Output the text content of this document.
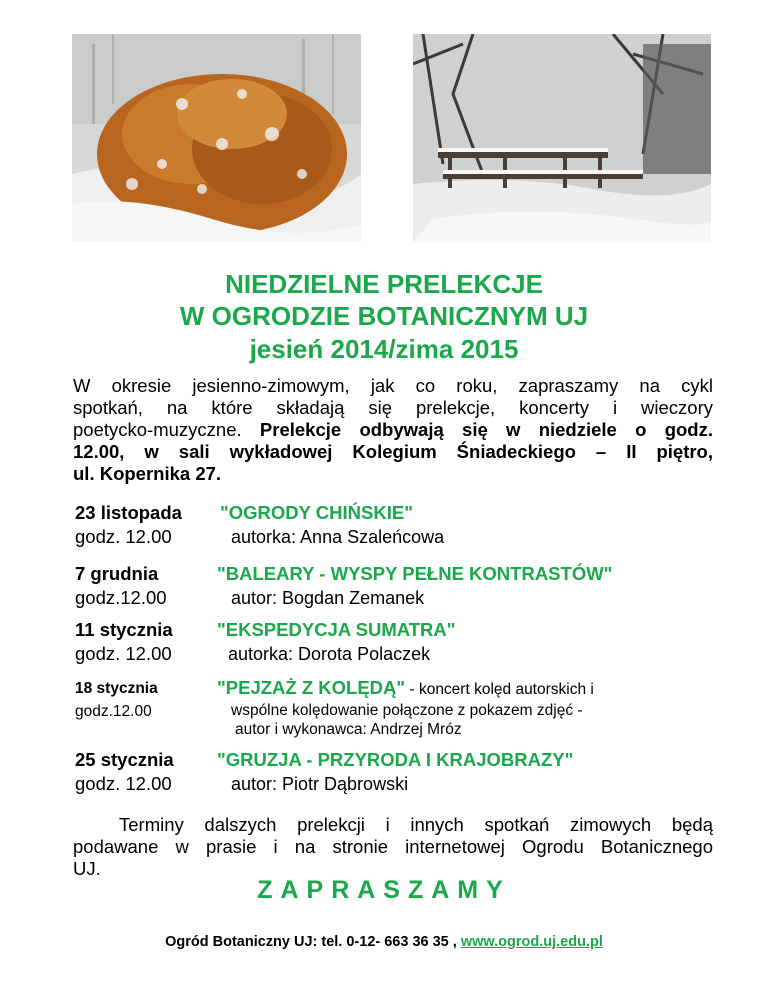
NIEDZIELNE PRELEKCJE
W OGRODZIE BOTANICZNYM UJ
jesień 2014/zima 2015
W okresie jesienno-zimowym, jak co roku, zapraszamy na cykl
spotkań, na które składają się prelekcje, koncerty i wieczory
poetycko-muzyczne. Prelekcje odbywają się w niedziele o godz.
12.00, w sali wykładowej Kolegium Śniadeckiego – II piętro,
ul. Kopernika 27.
23 listopada
godz. 12.00
"OGRODY CHIŃSKIE"
autorka: Anna Szaleńcowa
7 grudnia
godz.12.00
"BALEARY - WYSPY PEŁNE KONTRASTÓW"
autor: Bogdan Zemanek
11 stycznia
godz. 12.00
"EKSPEDYCJA SUMATRA"
autorka: Dorota Polaczek
18 stycznia
godz.12.00
"PEJZAŻ Z KOLĘDĄ" - koncert kolęd autorskich i
wspólne kolędowanie połączone z pokazem zdjęć -
autor i wykonawca: Andrzej Mróz
25 stycznia
godz. 12.00
"GRUZJA - PRZYRODA I KRAJOBRAZY"
autor: Piotr Dąbrowski
Terminy dalszych prelekcji i innych spotkań zimowych będą
podawane w prasie i na stronie internetowej Ogrodu Botanicznego
UJ.
ZAPRASZAMY
Ogród Botaniczny UJ: tel. 0-12- 663 36 35 , www.ogrod.uj.edu.pl
